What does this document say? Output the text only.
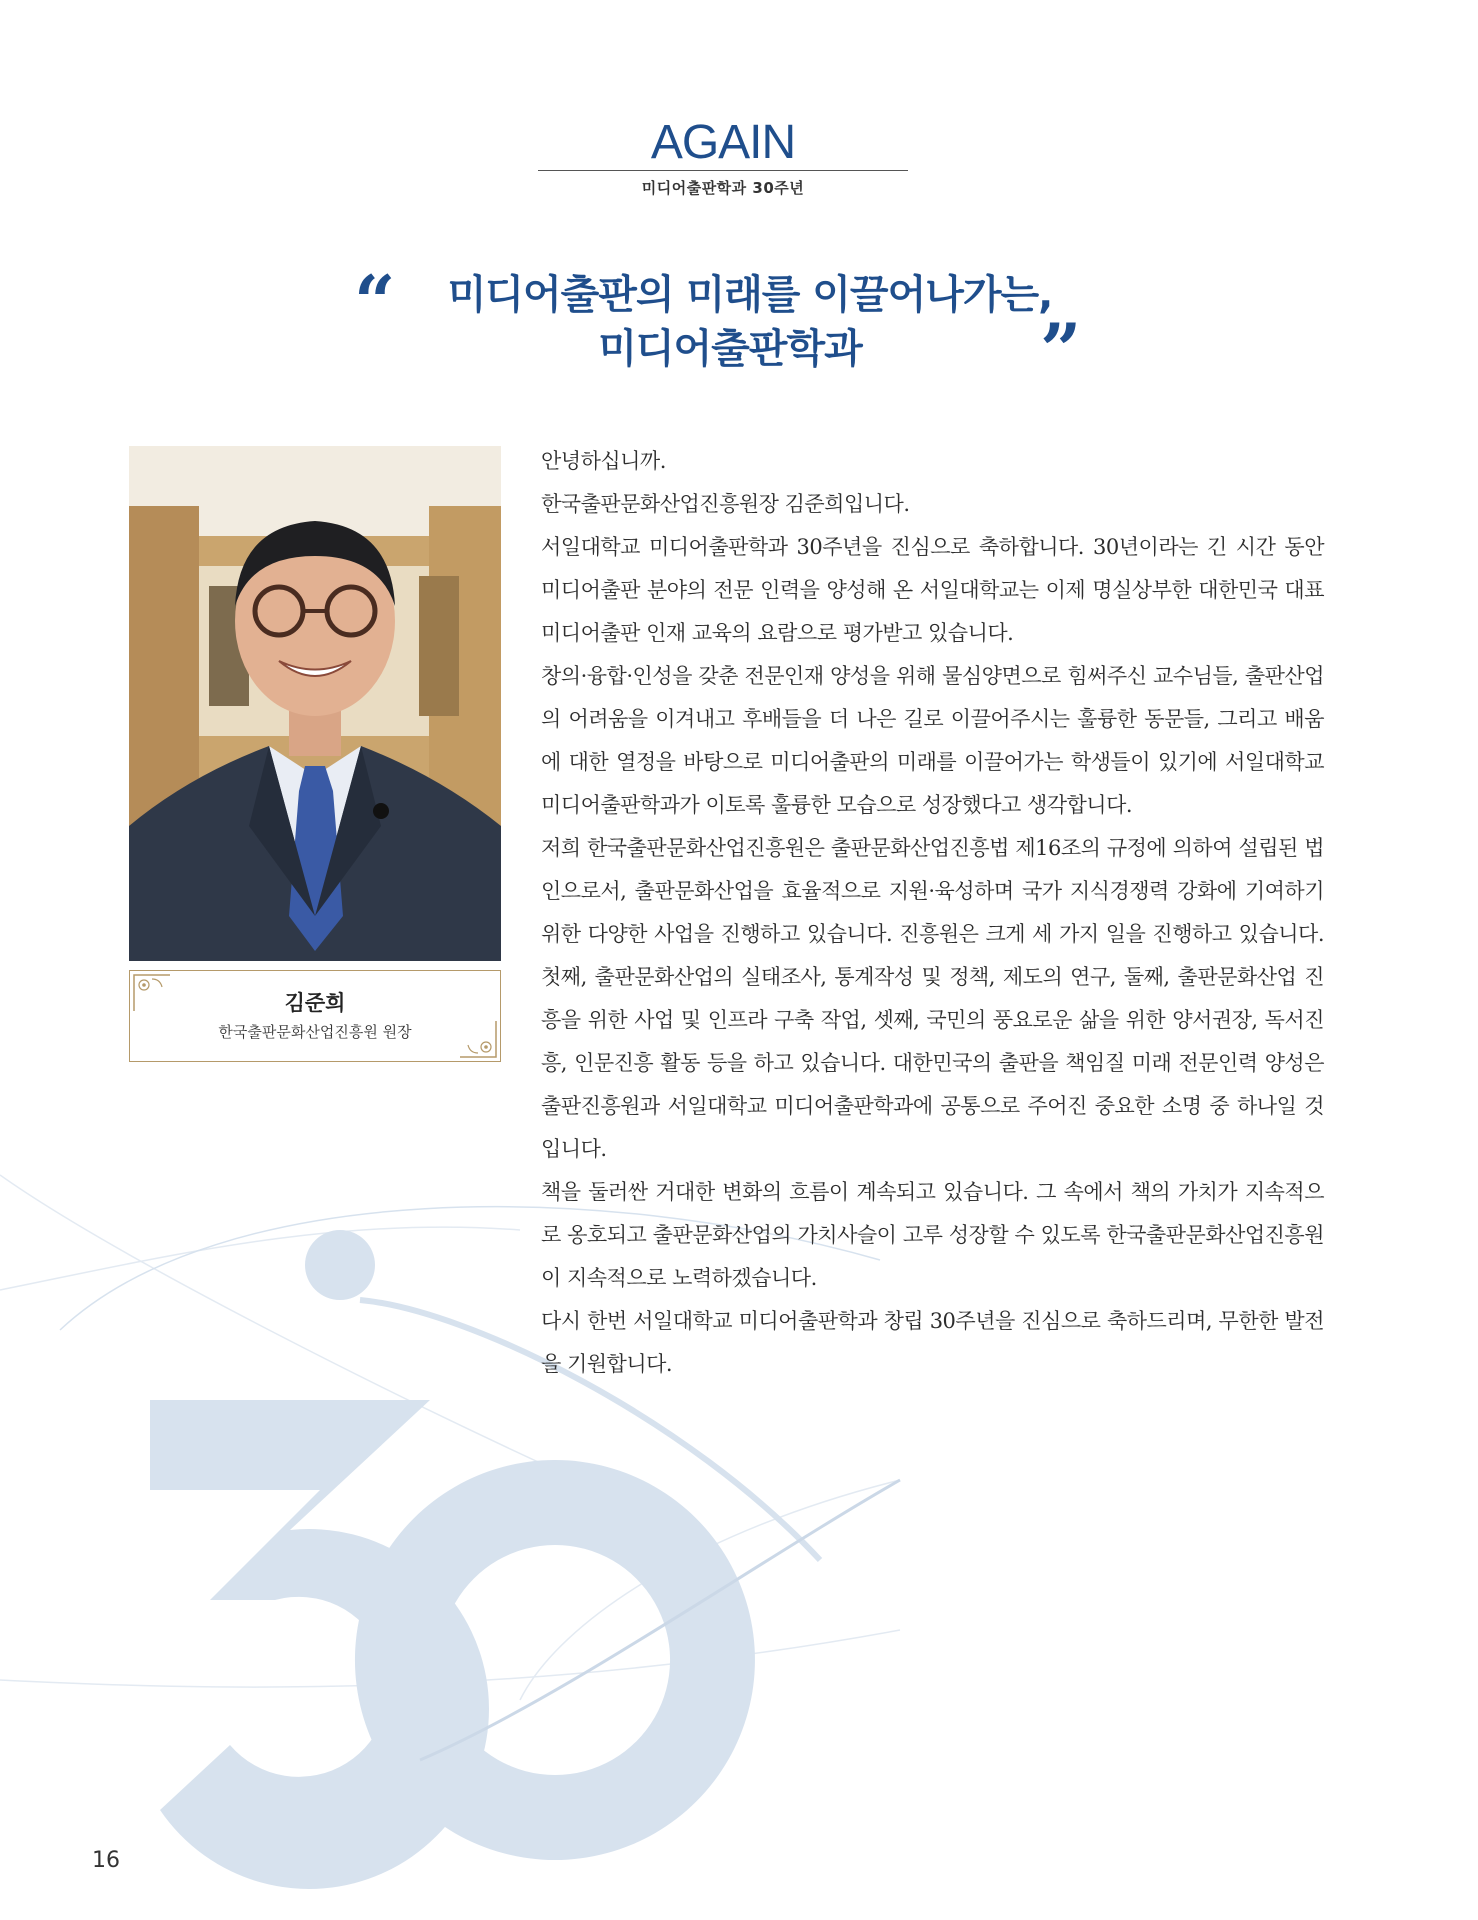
AGAIN
미디어출판학과 30주년
“	미디어출판의 미래를 이끌어나가는,
미디어출판학과	”
김준희
한국출판문화산업진흥원 원장

안녕하십니까.

한국출판문화산업진흥원장 김준희입니다.

서일대학교 미디어출판학과 30주년을 진심으로 축하합니다. 30년이라는 긴 시간 동안 미디어출판 분야의 전문 인력을 양성해 온 서일대학교는 이제 명실상부한 대한민국 대표 미디어출판 인재 교육의 요람으로 평가받고 있습니다.

창의·융합·인성을 갖춘 전문인재 양성을 위해 물심양면으로 힘써주신 교수님들, 출판산업의 어려움을 이겨내고 후배들을 더 나은 길로 이끌어주시는 훌륭한 동문들, 그리고 배움에 대한 열정을 바탕으로 미디어출판의 미래를 이끌어가는 학생들이 있기에 서일대학교 미디어출판학과가 이토록 훌륭한 모습으로 성장했다고 생각합니다.

저희 한국출판문화산업진흥원은 출판문화산업진흥법 제16조의 규정에 의하여 설립된 법인으로서, 출판문화산업을 효율적으로 지원·육성하며 국가 지식경쟁력 강화에 기여하기 위한 다양한 사업을 진행하고 있습니다. 진흥원은 크게 세 가지 일을 진행하고 있습니다. 첫째, 출판문화산업의 실태조사, 통계작성 및 정책, 제도의 연구, 둘째, 출판문화산업 진흥을 위한 사업 및 인프라 구축 작업, 셋째, 국민의 풍요로운 삶을 위한 양서권장, 독서진흥, 인문진흥 활동 등을 하고 있습니다. 대한민국의 출판을 책임질 미래 전문인력 양성은 출판진흥원과 서일대학교 미디어출판학과에 공통으로 주어진 중요한 소명 중 하나일 것입니다.

책을 둘러싼 거대한 변화의 흐름이 계속되고 있습니다. 그 속에서 책의 가치가 지속적으로 옹호되고 출판문화산업의 가치사슬이 고루 성장할 수 있도록 한국출판문화산업진흥원이 지속적으로 노력하겠습니다.

다시 한번 서일대학교 미디어출판학과 창립 30주년을 진심으로 축하드리며, 무한한 발전을 기원합니다.

16
